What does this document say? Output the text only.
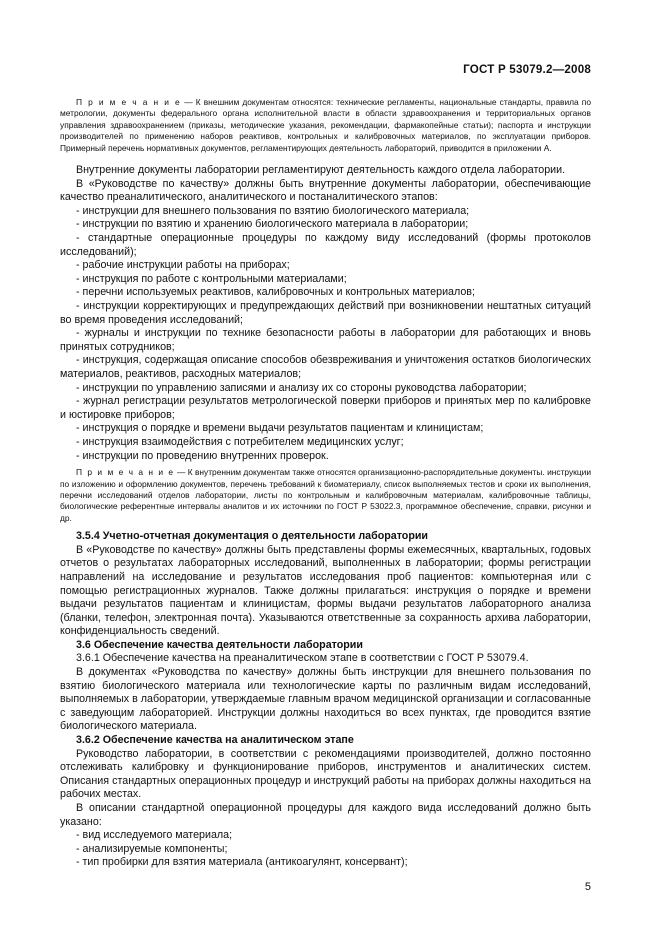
ГОСТ Р 53079.2—2008

П р и м е ч а н и е — К внешним документам относятся: технические регламенты, национальные стандарты, правила по метрологии, документы федерального органа исполнительной власти в области здравоохранения и территориальных органов управления здравоохранением (приказы, методические указания, рекомендации, фармакопейные статьи); паспорта и инструкции производителей по применению наборов реактивов, контрольных и калибровочных материалов, по эксплуатации приборов. Примерный перечень нормативных документов, регламентирующих деятельность лабораторий, приводится в приложении А.

Внутренние документы лаборатории регламентируют деятельность каждого отдела лаборатории.

В «Руководстве по качеству» должны быть внутренние документы лаборатории, обеспечивающие качество преаналитического, аналитического и постаналитического этапов:

- инструкции для внешнего пользования по взятию биологического материала;

- инструкции по взятию и хранению биологического материала в лаборатории;

- стандартные операционные процедуры по каждому виду исследований (формы протоколов исследований);

- рабочие инструкции работы на приборах;

- инструкция по работе с контрольными материалами;

- перечни используемых реактивов, калибровочных и контрольных материалов;

- инструкции корректирующих и предупреждающих действий при возникновении нештатных ситуаций во время проведения исследований;

- журналы и инструкции по технике безопасности работы в лаборатории для работающих и вновь принятых сотрудников;

- инструкция, содержащая описание способов обезвреживания и уничтожения остатков биологических материалов, реактивов, расходных материалов;

- инструкции по управлению записями и анализу их со стороны руководства лаборатории;

- журнал регистрации результатов метрологической поверки приборов и принятых мер по калибровке и юстировке приборов;

- инструкция о порядке и времени выдачи результатов пациентам и клиницистам;

- инструкция взаимодействия с потребителем медицинских услуг;

- инструкции по проведению внутренних проверок.

П р и м е ч а н и е — К внутренним документам также относятся организационно-распорядительные документы. инструкции по изложению и оформлению документов, перечень требований к биоматериалу, список выполняемых тестов и сроки их выполнения, перечни исследований отделов лаборатории, листы по контрольным и калибровочным материалам, калибровочные таблицы, биологические референтные интервалы аналитов и их источники по ГОСТ Р 53022.3, программное обеспечение, справки, рисунки и др.

3.5.4 Учетно-отчетная документация о деятельности лаборатории

В «Руководстве по качеству» должны быть представлены формы ежемесячных, квартальных, годовых отчетов о результатах лабораторных исследований, выполненных в лаборатории; формы регистрации направлений на исследование и результатов исследования проб пациентов: компьютерная или с помощью регистрационных журналов. Также должны прилагаться: инструкция о порядке и времени выдачи результатов пациентам и клиницистам, формы выдачи результатов лабораторного анализа (бланки, телефон, электронная почта). Указываются ответственные за сохранность архива лаборатории, конфиденциальность сведений.

3.6 Обеспечение качества деятельности лаборатории

3.6.1 Обеспечение качества на преаналитическом этапе в соответствии с ГОСТ Р 53079.4.

В документах «Руководства по качеству» должны быть инструкции для внешнего пользования по взятию биологического материала или технологические карты по различным видам исследований, выполняемых в лаборатории, утверждаемые главным врачом медицинской организации и согласованные с заведующим лабораторией. Инструкции должны находиться во всех пунктах, где проводится взятие биологического материала.

3.6.2 Обеспечение качества на аналитическом этапе

Руководство лаборатории, в соответствии с рекомендациями производителей, должно постоянно отслеживать калибровку и функционирование приборов, инструментов и аналитических систем. Описания стандартных операционных процедур и инструкций работы на приборах должны находиться на рабочих местах.

В описании стандартной операционной процедуры для каждого вида исследований должно быть указано:

- вид исследуемого материала;

- анализируемые компоненты;

- тип пробирки для взятия материала (антикоагулянт, консервант);

5
